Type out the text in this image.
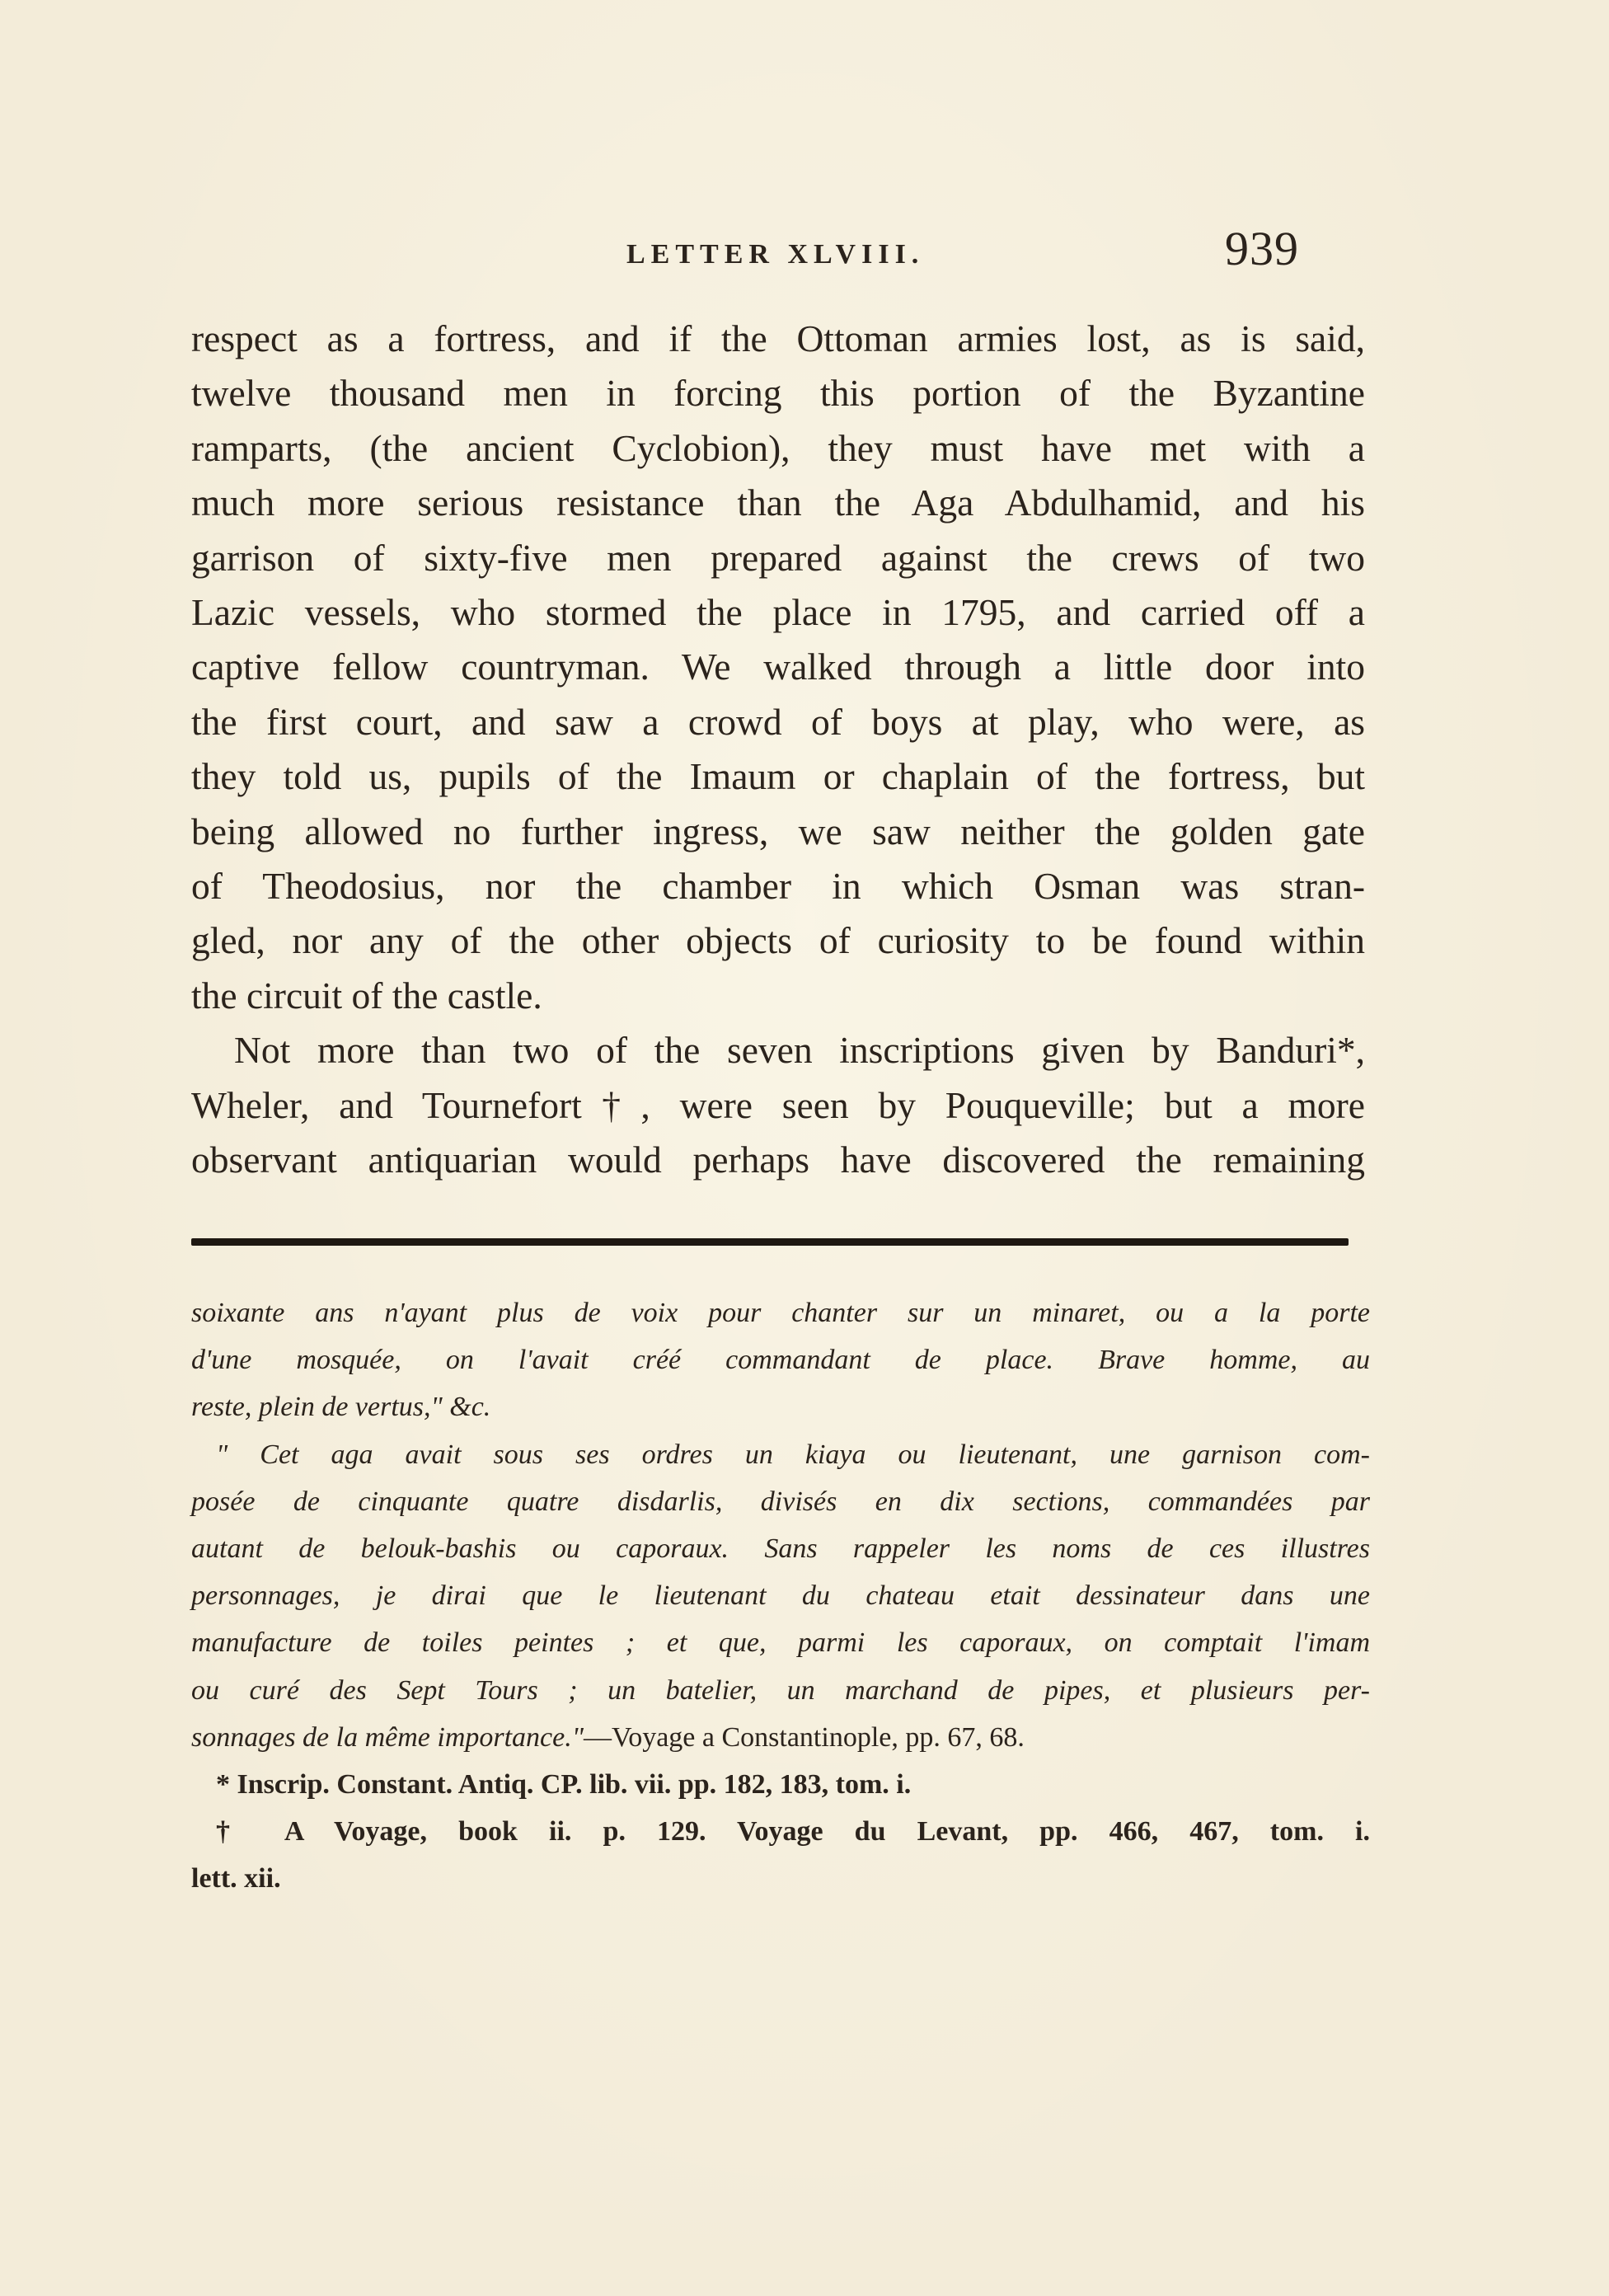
LETTER XLVIII.	939
respect as a fortress, and if the Ottoman armies lost, as is said,
twelve thousand men in forcing this portion of the Byzantine
ramparts, (the ancient Cyclobion), they must have met with a
much more serious resistance than the Aga Abdulhamid, and his
garrison of sixty-five men prepared against the crews of two
Lazic vessels, who stormed the place in 1795, and carried off a
captive fellow countryman. We walked through a little door into
the first court, and saw a crowd of boys at play, who were, as
they told us, pupils of the Imaum or chaplain of the fortress, but
being allowed no further ingress, we saw neither the golden gate
of Theodosius, nor the chamber in which Osman was stran-
gled, nor any of the other objects of curiosity to be found within
the circuit of the castle.
Not more than two of the seven inscriptions given by Banduri*,
Wheler, and Tournefort†, were seen by Pouqueville; but a more
observant antiquarian would perhaps have discovered the remaining
soixante ans n'ayant plus de voix pour chanter sur un minaret, ou a la porte
d'une mosquée, on l'avait créé commandant de place. Brave homme, au
reste, plein de vertus," &c.
" Cet aga avait sous ses ordres un kiaya ou lieutenant, une garnison com-
posée de cinquante quatre disdarlis, divisés en dix sections, commandées par
autant de belouk-bashis ou caporaux. Sans rappeler les noms de ces illustres
personnages, je dirai que le lieutenant du chateau etait dessinateur dans une
manufacture de toiles peintes ; et que, parmi les caporaux, on comptait l'imam
ou curé des Sept Tours ; un batelier, un marchand de pipes, et plusieurs per-
sonnages de la même importance."—Voyage a Constantinople, pp. 67, 68.
* Inscrip. Constant. Antiq. CP. lib. vii. pp. 182, 183, tom. i.
† A Voyage, book ii. p. 129. Voyage du Levant, pp. 466, 467, tom. i.
lett. xii.
